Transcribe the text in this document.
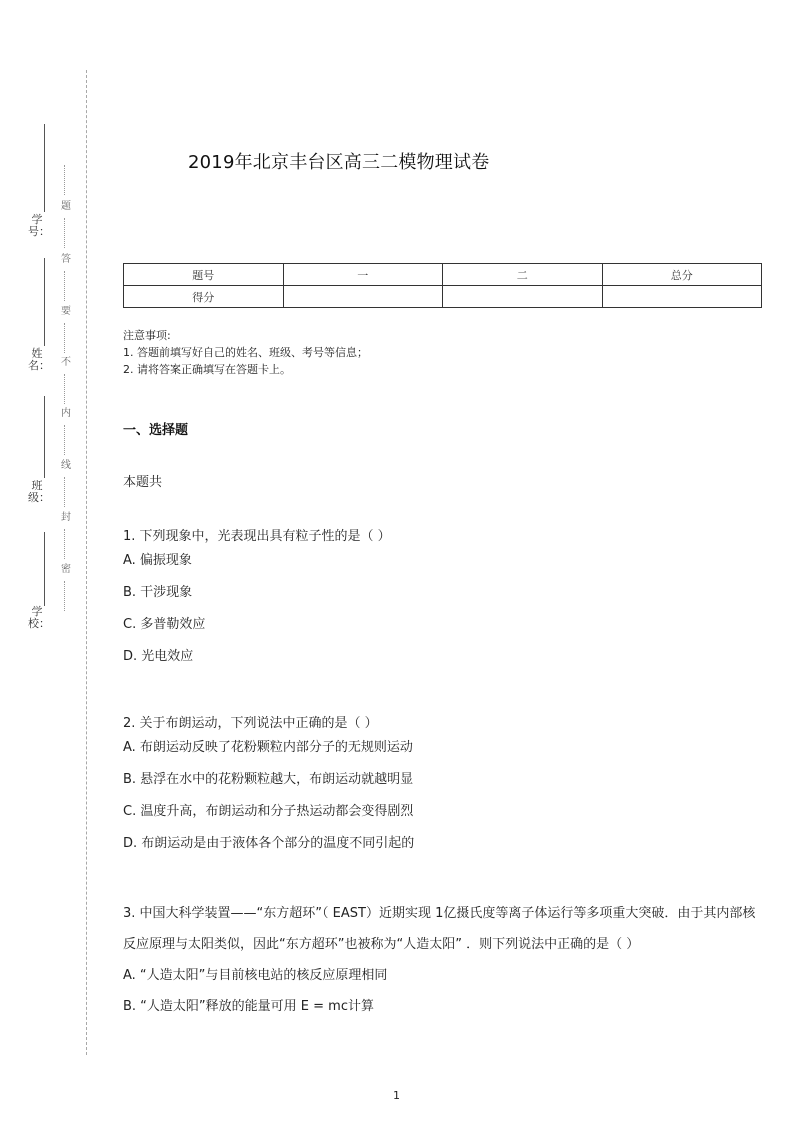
学号：
姓名：
班级：
学校：
题
答
要
不
内
线
封
密
2019年北京丰台区高三二模物理试卷
题号	一	二	总分
得分			
注意事项:
1. 答题前填写好自己的姓名、班级、考号等信息；
2. 请将答案正确填写在答题卡上。
一、选择题
本题共

1. 下列现象中，光表现出具有粒子性的是（ ）

A. 偏振现象

B. 干涉现象

C. 多普勒效应

D. 光电效应

2. 关于布朗运动，下列说法中正确的是（ ）

A. 布朗运动反映了花粉颗粒内部分子的无规则运动

B. 悬浮在水中的花粉颗粒越大，布朗运动就越明显

C. 温度升高，布朗运动和分子热运动都会变得剧烈

D. 布朗运动是由于液体各个部分的温度不同引起的

3. 中国大科学装置——“东方超环”（ EAST）近期实现 1亿摄氏度等离子体运行等多项重大突破．由于其内部核反应原理与太阳类似，因此“东方超环”也被称为“人造太阳” ．则下列说法中正确的是（ ）

A. “人造太阳”与目前核电站的核反应原理相同

B. “人造太阳”释放的能量可用 E = mc计算

1
